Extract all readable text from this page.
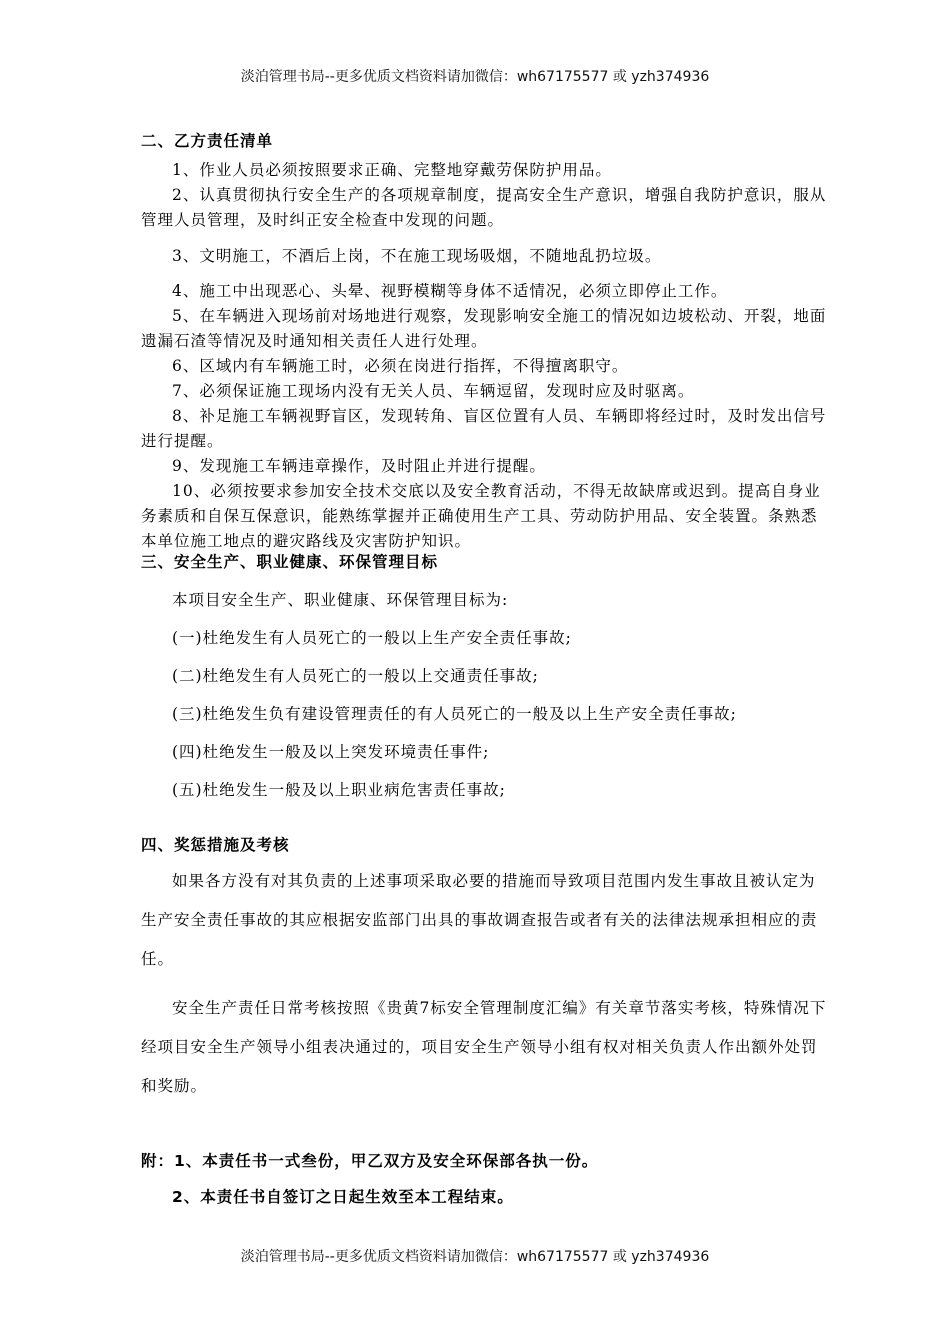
淡泊管理书局--更多优质文档资料请加微信：wh67175577 或 yzh374936

二、乙方责任清单

1、作业人员必须按照要求正确、完整地穿戴劳保防护用品。

2、认真贯彻执行安全生产的各项规章制度，提高安全生产意识，增强自我防护意识，服从管理人员管理，及时纠正安全检查中发现的问题。

3、文明施工，不酒后上岗，不在施工现场吸烟，不随地乱扔垃圾。

4、施工中出现恶心、头晕、视野模糊等身体不适情况，必须立即停止工作。

5、在车辆进入现场前对场地进行观察，发现影响安全施工的情况如边坡松动、开裂，地面遗漏石渣等情况及时通知相关责任人进行处理。

6、区域内有车辆施工时，必须在岗进行指挥，不得擅离职守。

7、必须保证施工现场内没有无关人员、车辆逗留，发现时应及时驱离。

8、补足施工车辆视野盲区，发现转角、盲区位置有人员、车辆即将经过时，及时发出信号进行提醒。

9、发现施工车辆违章操作，及时阻止并进行提醒。

10、必须按要求参加安全技术交底以及安全教育活动，不得无故缺席或迟到。提高自身业务素质和自保互保意识，能熟练掌握并正确使用生产工具、劳动防护用品、安全装置。条熟悉本单位施工地点的避灾路线及灾害防护知识。

三、安全生产、职业健康、环保管理目标

本项目安全生产、职业健康、环保管理目标为:

(一)杜绝发生有人员死亡的一般以上生产安全责任事故;

(二)杜绝发生有人员死亡的一般以上交通责任事故;

(三)杜绝发生负有建设管理责任的有人员死亡的一般及以上生产安全责任事故;

(四)杜绝发生一般及以上突发环境责任事件;

(五)杜绝发生一般及以上职业病危害责任事故;

四、奖惩措施及考核

如果各方没有对其负责的上述事项采取必要的措施而导致项目范围内发生事故且被认定为生产安全责任事故的其应根据安监部门出具的事故调查报告或者有关的法律法规承担相应的责任。

安全生产责任日常考核按照《贵黄7标安全管理制度汇编》有关章节落实考核，特殊情况下经项目安全生产领导小组表决通过的，项目安全生产领导小组有权对相关负责人作出额外处罚和奖励。

附：1、本责任书一式叁份，甲乙双方及安全环保部各执一份。

2、本责任书自签订之日起生效至本工程结束。

淡泊管理书局--更多优质文档资料请加微信：wh67175577 或 yzh374936
